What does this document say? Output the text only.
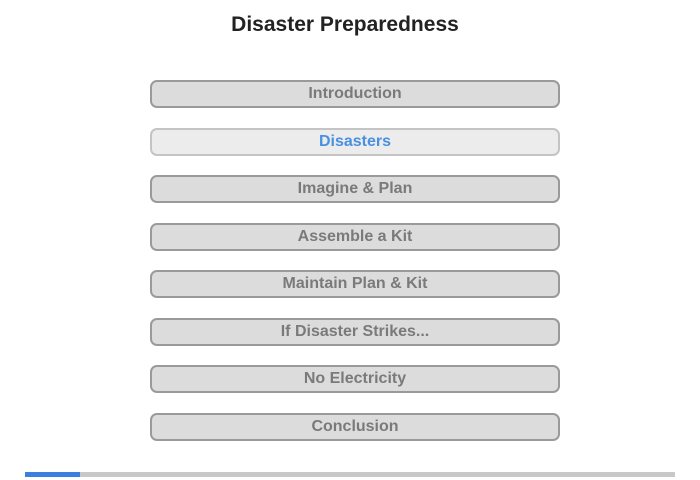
Disaster Preparedness
Introduction
Disasters
Imagine & Plan
Assemble a Kit
Maintain Plan & Kit
If Disaster Strikes...
No Electricity
Conclusion
